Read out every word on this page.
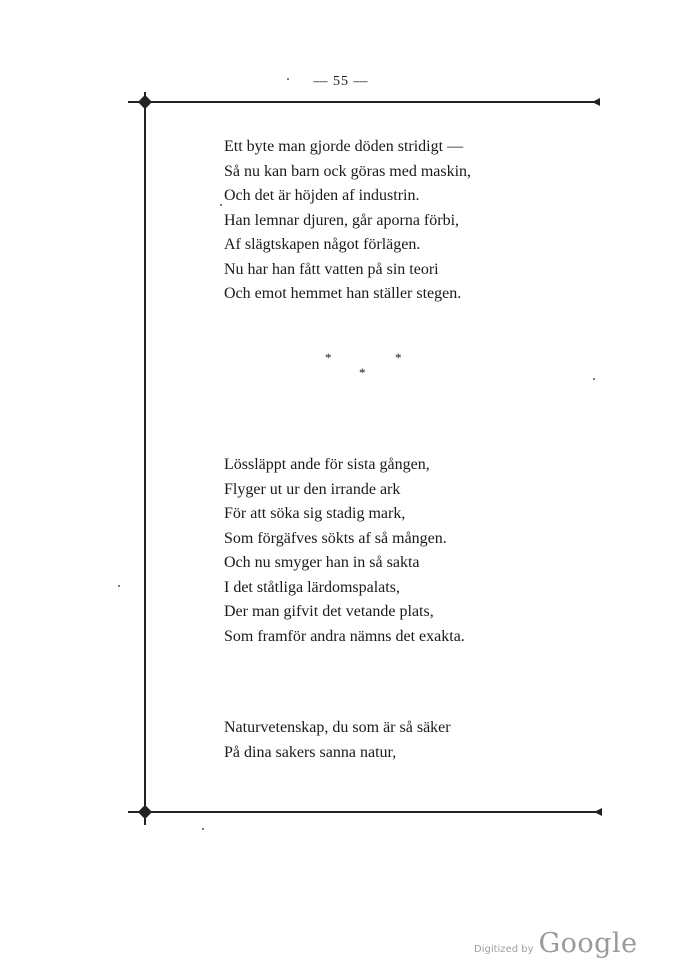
— 55 —
Ett byte man gjorde döden stridigt —
Så nu kan barn ock göras med maskin,
Och det är höjden af industrin.
Han lemnar djuren, går aporna förbi,
Af slägtskapen något förlägen.
Nu har han fått vatten på sin teori
Och emot hemmet han ställer stegen.
*	*
*
Lössläppt ande för sista gången,
Flyger ut ur den irrande ark
För att söka sig stadig mark,
Som förgäfves sökts af så mången.
Och nu smyger han in så sakta
I det ståtliga lärdomspalats,
Der man gifvit det vetande plats,
Som framför andra nämns det exakta.
Naturvetenskap, du som är så säker
På dina sakers sanna natur,
Digitized by Google
